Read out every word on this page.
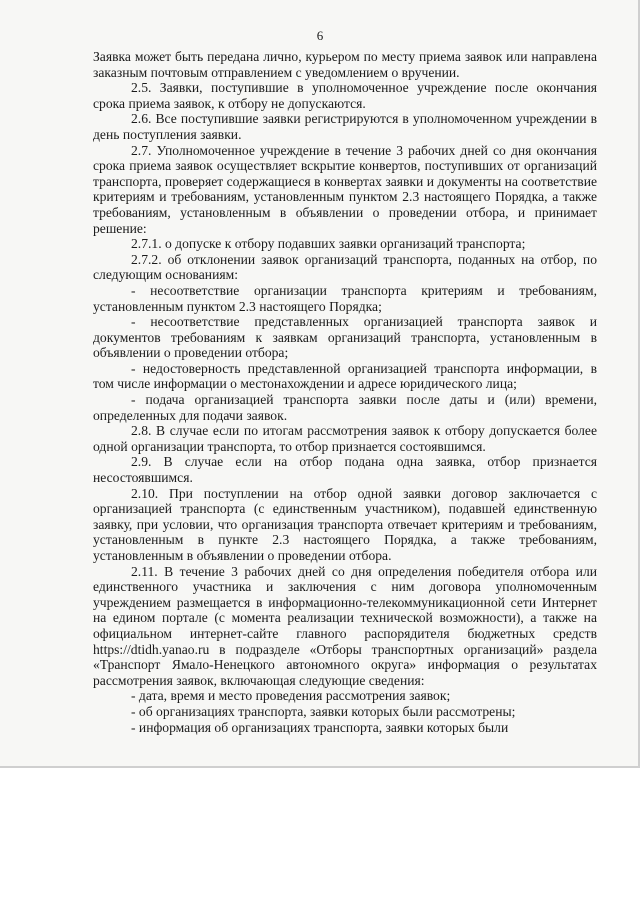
6

Заявка может быть передана лично, курьером по месту приема заявок или направлена заказным почтовым отправлением с уведомлением о вручении.

2.5. Заявки, поступившие в уполномоченное учреждение после окончания срока приема заявок, к отбору не допускаются.

2.6. Все поступившие заявки регистрируются в уполномоченном учреждении в день поступления заявки.

2.7. Уполномоченное учреждение в течение 3 рабочих дней со дня окончания срока приема заявок осуществляет вскрытие конвертов, поступивших от организаций транспорта, проверяет содержащиеся в конвертах заявки и документы на соответствие критериям и требованиям, установленным пунктом 2.3 настоящего Порядка, а также требованиям, установленным в объявлении о проведении отбора, и принимает решение:

2.7.1. о допуске к отбору подавших заявки организаций транспорта;

2.7.2. об отклонении заявок организаций транспорта, поданных на отбор, по следующим основаниям:

- несоответствие организации транспорта критериям и требованиям, установленным пунктом 2.3 настоящего Порядка;

- несоответствие представленных организацией транспорта заявок и документов требованиям к заявкам организаций транспорта, установленным в объявлении о проведении отбора;

- недостоверность представленной организацией транспорта информации, в том числе информации о местонахождении и адресе юридического лица;

- подача организацией транспорта заявки после даты и (или) времени, определенных для подачи заявок.

2.8. В случае если по итогам рассмотрения заявок к отбору допускается более одной организации транспорта, то отбор признается состоявшимся.

2.9. В случае если на отбор подана одна заявка, отбор признается несостоявшимся.

2.10. При поступлении на отбор одной заявки договор заключается с организацией транспорта (с единственным участником), подавшей единственную заявку, при условии, что организация транспорта отвечает критериям и требованиям, установленным в пункте 2.3 настоящего Порядка, а также требованиям, установленным в объявлении о проведении отбора.

2.11. В течение 3 рабочих дней со дня определения победителя отбора или единственного участника и заключения с ним договора уполномоченным учреждением размещается в информационно-телекоммуникационной сети Интернет на едином портале (с момента реализации технической возможности), а также на официальном интернет-сайте главного распорядителя бюджетных средств https://dtidh.yanao.ru в подразделе «Отборы транспортных организаций» раздела «Транспорт Ямало-Ненецкого автономного округа» информация о результатах рассмотрения заявок, включающая следующие сведения:

- дата, время и место проведения рассмотрения заявок;

- об организациях транспорта, заявки которых были рассмотрены;

- информация об организациях транспорта, заявки которых были
